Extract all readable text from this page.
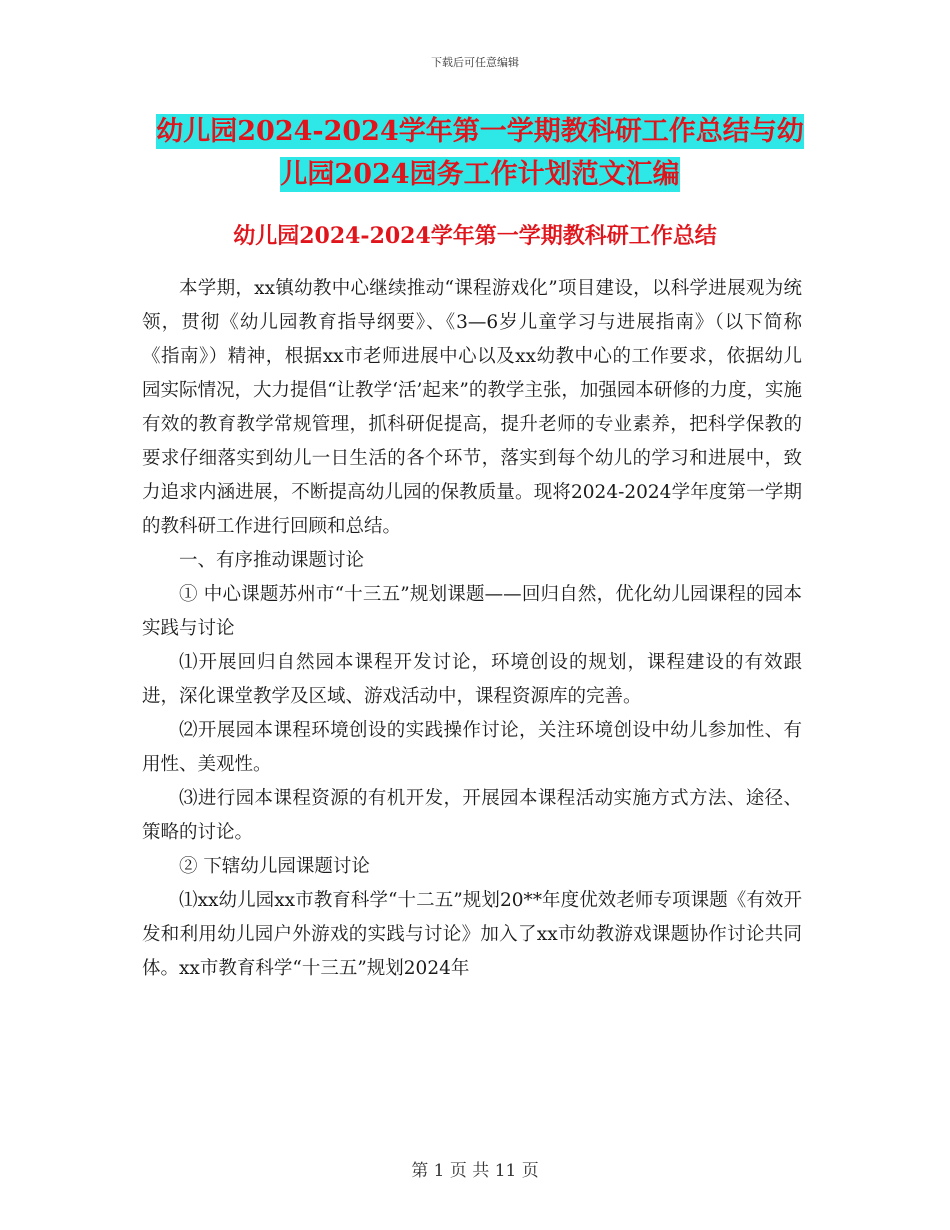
下载后可任意编辑
幼儿园2024-2024学年第一学期教科研工作总结与幼
儿园2024园务工作计划范文汇编
幼儿园2024-2024学年第一学期教科研工作总结

本学期，xx镇幼教中心继续推动“课程游戏化”项目建设，以科学进展观为统领，贯彻《幼儿园教育指导纲要》、《3—6岁儿童学习与进展指南》（以下简称《指南》）精神，根据xx市老师进展中心以及xx幼教中心的工作要求，依据幼儿园实际情况，大力提倡“让教学‘活’起来”的教学主张，加强园本研修的力度，实施有效的教育教学常规管理，抓科研促提高，提升老师的专业素养，把科学保教的要求仔细落实到幼儿一日生活的各个环节，落实到每个幼儿的学习和进展中，致力追求内涵进展，不断提高幼儿园的保教质量。现将2024-2024学年度第一学期的教科研工作进行回顾和总结。

一、有序推动课题讨论

① 中心课题苏州市“十三五”规划课题——回归自然，优化幼儿园课程的园本实践与讨论

⑴开展回归自然园本课程开发讨论，环境创设的规划，课程建设的有效跟进，深化课堂教学及区域、游戏活动中，课程资源库的完善。

⑵开展园本课程环境创设的实践操作讨论，关注环境创设中幼儿参加性、有用性、美观性。

⑶进行园本课程资源的有机开发，开展园本课程活动实施方式方法、途径、策略的讨论。

② 下辖幼儿园课题讨论

⑴xx幼儿园xx市教育科学“十二五”规划20**年度优效老师专项课题《有效开发和利用幼儿园户外游戏的实践与讨论》加入了xx市幼教游戏课题协作讨论共同体。xx市教育科学“十三五”规划2024年

第 1 页 共 11 页
